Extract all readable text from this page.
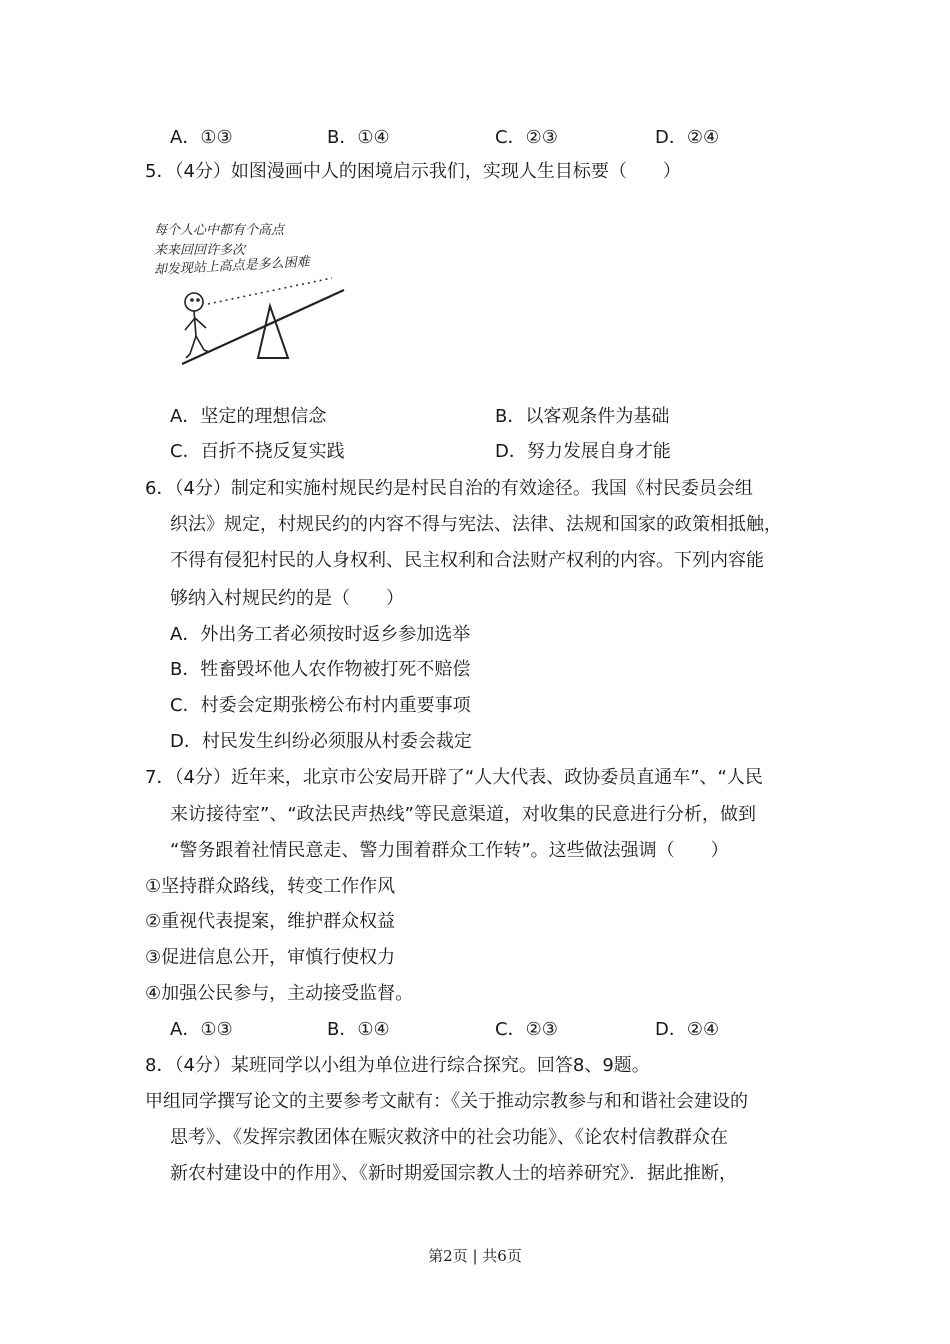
A．①③	B．①④	C．②③	D．②④
5．（4分）如图漫画中人的困境启示我们，实现人生目标要（　　）
每个人心中都有个高点
来来回回许多次
却发现站上高点是多么困难
A．坚定的理想信念	B．以客观条件为基础
C．百折不挠反复实践	D．努力发展自身才能
6．（4分）制定和实施村规民约是村民自治的有效途径。我国《村民委员会组
织法》规定，村规民约的内容不得与宪法、法律、法规和国家的政策相抵触，
不得有侵犯村民的人身权利、民主权利和合法财产权利的内容。下列内容能
够纳入村规民约的是（　　）
A．外出务工者必须按时返乡参加选举
B．牲畜毁坏他人农作物被打死不赔偿
C．村委会定期张榜公布村内重要事项
D．村民发生纠纷必须服从村委会裁定
7．（4分）近年来，北京市公安局开辟了“人大代表、政协委员直通车”、“人民
来访接待室”、“政法民声热线”等民意渠道，对收集的民意进行分析，做到
“警务跟着社情民意走、警力围着群众工作转”。这些做法强调（　　）
①坚持群众路线，转变工作作风
②重视代表提案，维护群众权益
③促进信息公开，审慎行使权力
④加强公民参与，主动接受监督。
A．①③	B．①④	C．②③	D．②④
8．（4分）某班同学以小组为单位进行综合探究。回答8、9题。
甲组同学撰写论文的主要参考文献有：《关于推动宗教参与和和谐社会建设的
思考》、《发挥宗教团体在赈灾救济中的社会功能》、《论农村信教群众在
新农村建设中的作用》、《新时期爱国宗教人士的培养研究》．据此推断，
第2页 | 共6页
